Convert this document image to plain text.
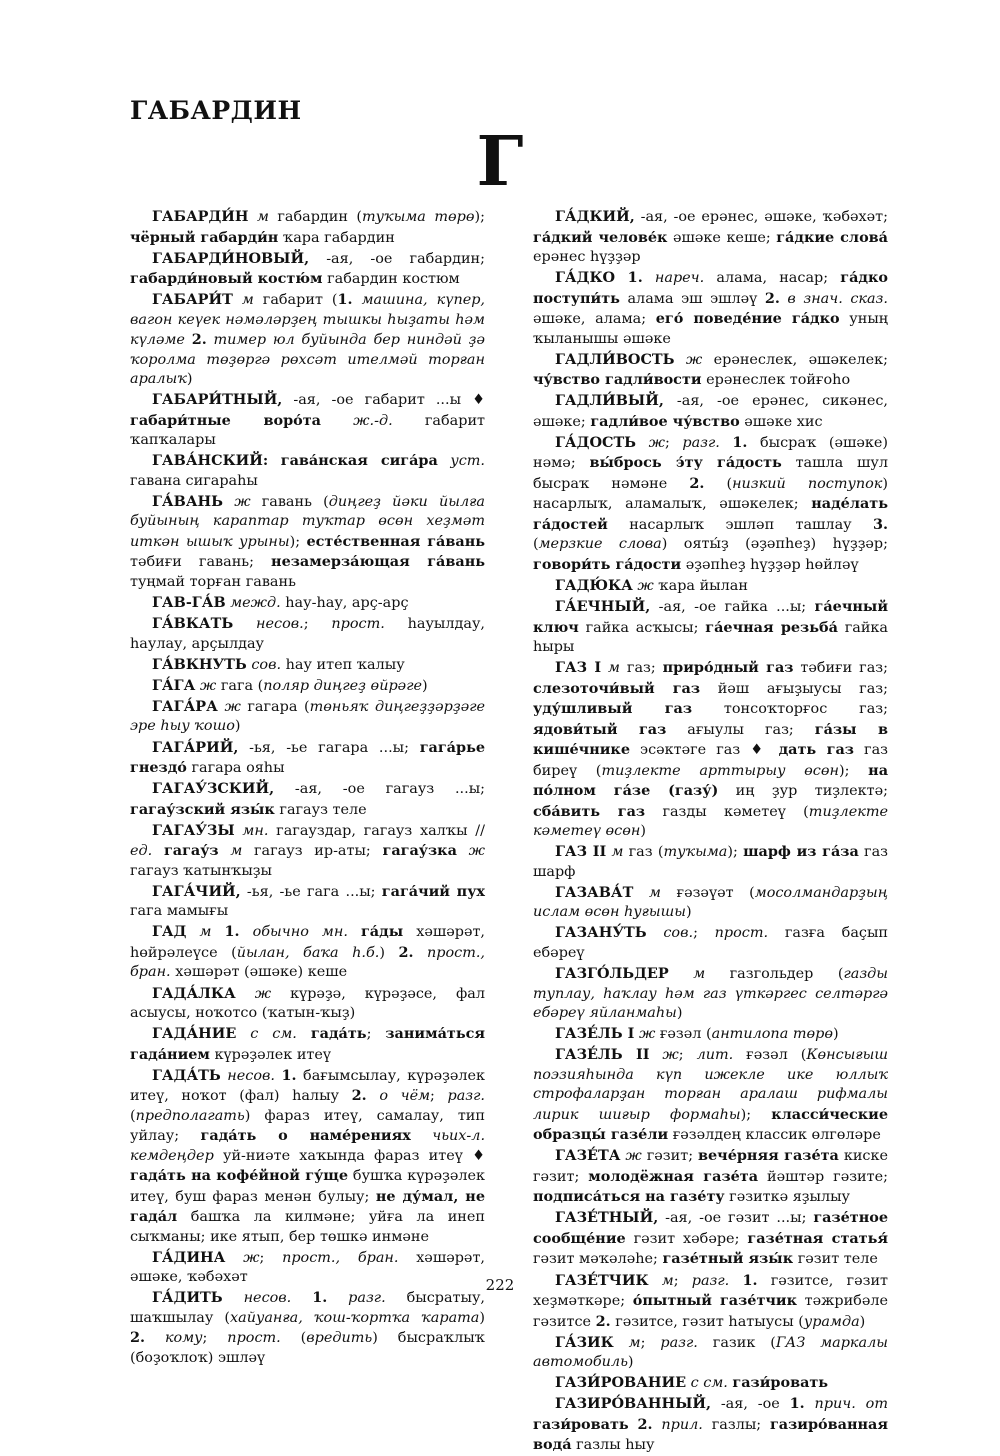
ГАБАРДИН
Г

ГАБАРДИ́Н м габардин (туҡыма төрө); чёрный габарди́н ҡара габардин

ГАБАРДИ́НОВЫЙ, -ая, -ое габардин; габарди́новый костю́м габардин костюм

ГАБАРИ́Т м габарит (1. машина, күпер, вагон кеүек нәмәләрҙең тышкы һыҙаты һәм күләме 2. тимер юл буйында бер ниндәй ҙә ҡоролма төҙөргә рөхсәт ителмәй торған аралыҡ)

ГАБАРИ́ТНЫЙ, -ая, -ое габарит ...ы ♦ габари́тные воро́та ж.-д. габарит ҡапҡалары

ГАВА́НСКИЙ: гава́нская сига́ра уст. гавана сигараһы

ГА́ВАНЬ ж гавань (диңгеҙ йәки йылға буйының караптар туҡтар өсөн хеҙмәт иткән ышыҡ урыны); есте́ственная га́вань тәбиғи гавань; незамерза́ющая га́вань туңмай торған гавань

ГАВ-ГА́В межд. һау-һау, арç-арç

ГА́ВКАТЬ несов.; прост. һауылдау, һаулау, арçылдау

ГА́ВКНУТЬ сов. һау итеп ҡалыу

ГА́ГА ж гага (поляр диңгеҙ өйрәге)

ГАГА́РА ж гагара (төньяҡ диңгеҙҙәрҙәге эре һыу ҡошо)

ГАГА́РИЙ, -ья, -ье гагара ...ы; гага́рье гнездо́ гагара ояһы

ГАГАУ́ЗСКИЙ, -ая, -ое гагауз ...ы; гагау́зский язы́к гагауз теле

ГАГАУ́ЗЫ мн. гагауздар, гагауз халҡы // ед. гагау́з м гагауз ир-аты; гагау́зка ж гагауз ҡатынҡыҙы

ГАГА́ЧИЙ, -ья, -ье гага ...ы; гага́чий пух гага мамығы

ГАД м 1. обычно мн. га́ды хәшәрәт, һөйрәлеүсе (йылан, баҡа һ.б.) 2. прост., бран. хәшәрәт (әшәке) кеше

ГАДА́ЛКА ж күрәҙә, күрәҙәсе, фал асыусы, ноҡотсо (ҡатын-ҡыҙ)

ГАДА́НИЕ с см. гада́ть; занима́ться гада́нием күрәҙәлек итеү

ГАДА́ТЬ несов. 1. бағымсылау, күрәҙәлек итеү, ноҡот (фал) һалыу 2. о чём; разг. (предполагать) фараз итеү, самалау, тип уйлау; гада́ть о наме́рениях чьих-л. кемдеңдер уй-ниәте хаҡында фараз итеү ♦ гада́ть на кофе́йной гу́ще бушҡа күрәҙәлек итеү, буш фараз менән булыу; не ду́мал, не гада́л башҡа ла килмәне; уйға ла инеп сыҡманы; ике ятып, бер төшкә инмәне

ГА́ДИНА ж; прост., бран. хәшәрәт, әшәке, ҡәбәхәт

ГА́ДИТЬ несов. 1. разг. бысратыу, шаҡшылау (хайуанға, ҡош-ҡортҡа ҡарата) 2. кому; прост. (вредить) бысраҡлыҡ (боҙоҡлоҡ) эшләү

ГА́ДКИЙ, -ая, -ое ерәнес, әшәке, ҡәбәхәт; га́дкий челове́к әшәке кеше; га́дкие слова́ ерәнес һүҙҙәр

ГА́ДКО 1. нареч. алама, насар; га́дко поступи́ть алама эш эшләү 2. в знач. сказ. әшәке, алама; его́ поведе́ние га́дко уның ҡыланышы әшәке

ГАДЛИ́ВОСТЬ ж ерәнеслек, әшәкелек; чу́вство гадли́вости ерәнеслек тойғоһо

ГАДЛИ́ВЫЙ, -ая, -ое ерәнес, сикәнес, әшәке; гадли́вое чу́вство әшәке хис

ГА́ДОСТЬ ж; разг. 1. бысраҡ (әшәке) нәмә; вы́брось э́ту га́дость ташла шул бысраҡ нәмәне 2. (низкий поступок) насарлыҡ, аламалыҡ, әшәкелек; наде́лать га́достей насарлыҡ эшләп ташлау 3. (мерзкие слова) ояты́ҙ (әҙәпһеҙ) һүҙҙәр; говори́ть га́дости әҙәпһеҙ һүҙҙәр һөйләү

ГАДЮ́КА ж ҡара йылан

ГА́ЕЧНЫЙ, -ая, -ое гайка ...ы; га́ечный ключ гайка асҡысы; га́ечная резьба́ гайка һыры

ГАЗ I м газ; приро́дный газ тәбиғи газ; слезоточи́вый газ йәш ағыҙыусы газ; уду́шливый газ тонсоҡторғос газ; ядови́тый газ ағыулы газ; га́зы в кише́чнике эсәктәге газ ♦ дать газ газ биреү (тиҙлекте арттырыу өсөн); на по́лном га́зе (газу́) иң ҙур тиҙлектә; сба́вить газ газды кәметеү (тиҙлекте кәметеү өсөн)

ГАЗ II м газ (туҡыма); шарф из га́за газ шарф

ГАЗАВА́Т м ғәзәүәт (мосолмандарҙың ислам өсөн һуғышы)

ГАЗАНУ́ТЬ сов.; прост. газға баçып ебәреү

ГАЗГО́ЛЬДЕР м газгольдер (газды туплау, һаҡлау һәм газ үткәргес селтәргә ебәреү яйланмаһы)

ГАЗЕ́ЛЬ I ж ғәзәл (антилопа төрө)

ГАЗЕ́ЛЬ II ж; лит. ғәзәл (Көнсығыш поэзияһында күп ижекле ике юллыҡ строфаларҙан торған аралаш рифмалы лирик шиғыр формаһы); класси́ческие образцы́ газе́ли ғәзәлдең классик өлгөләре

ГАЗЕ́ТА ж гәзит; вече́рняя газе́та киске гәзит; молодёжная газе́та йәштәр гәзите; подписа́ться на газе́ту гәзиткә яҙылыу

ГАЗЕ́ТНЫЙ, -ая, -ое гәзит ...ы; газе́тное сообще́ние гәзит хәбәре; газе́тная статья́ гәзит мәҡәләһе; газе́тный язы́к гәзит теле

ГАЗЕ́ТЧИК м; разг. 1. гәзитсе, гәзит хеҙмәткәре; о́пытный газе́тчик тәжрибәле гәзитсе 2. гәзитсе, гәзит һатыусы (урамда)

ГА́ЗИК м; разг. газик (ГАЗ маркалы автомобиль)

ГАЗИ́РОВАНИЕ с см. гази́ровать

ГАЗИРО́ВАННЫЙ, -ая, -ое 1. прич. от гази́ровать 2. прил. газлы; газиро́ванная вода́ газлы һыу

222
